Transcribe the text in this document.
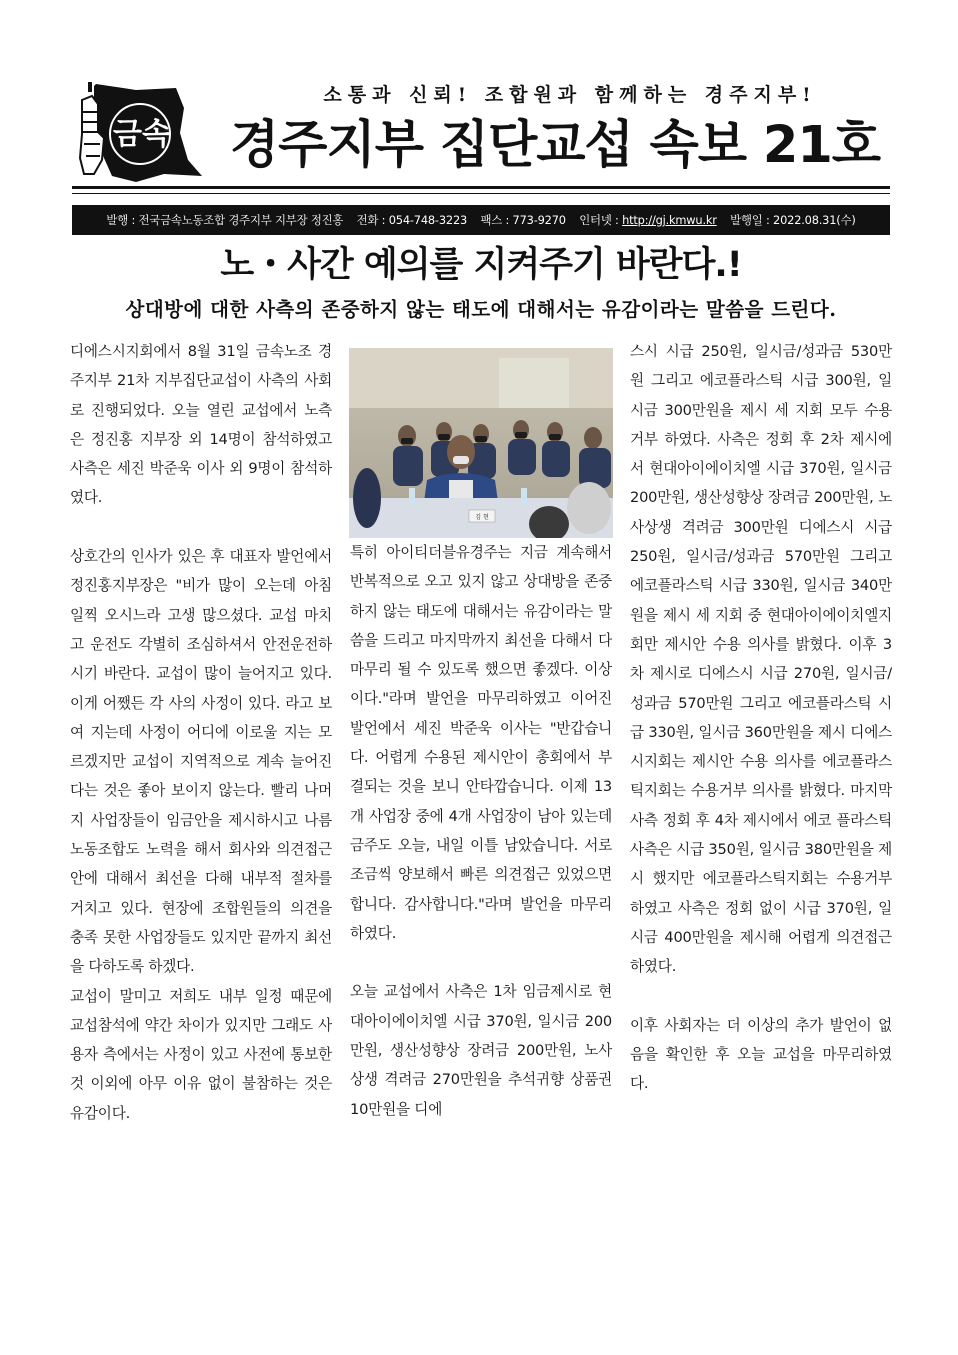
금속
소통과 신뢰! 조합원과 함께하는 경주지부!
경주지부 집단교섭 속보 21호
발행 : 전국금속노동조합 경주지부 지부장 정진홍 전화 : 054-748-3223 팩스 : 773-9270 인터넷 : http://gj.kmwu.kr 발행일 : 2022.08.31(수)
노・사간 예의를 지켜주기 바란다.!
상대방에 대한 사측의 존중하지 않는 태도에 대해서는 유감이라는 말씀을 드린다.

디에스시지회에서 8월 31일 금속노조 경주지부 21차 지부집단교섭이 사측의 사회로 진행되었다. 오늘 열린 교섭에서 노측은 정진홍 지부장 외 14명이 참석하였고 사측은 세진 박준욱 이사 외 9명이 참석하였다.

상호간의 인사가 있은 후 대표자 발언에서 정진홍지부장은 "비가 많이 오는데 아침 일찍 오시느라 고생 많으셨다. 교섭 마치고 운전도 각별히 조심하셔서 안전운전하시기 바란다. 교섭이 많이 늘어지고 있다. 이게 어쨌든 각 사의 사정이 있다. 라고 보여 지는데 사정이 어디에 이로울 지는 모르겠지만 교섭이 지역적으로 계속 늘어진다는 것은 좋아 보이지 않는다. 빨리 나머지 사업장들이 임금안을 제시하시고 나름 노동조합도 노력을 해서 회사와 의견접근 안에 대해서 최선을 다해 내부적 절차를 거치고 있다. 현장에 조합원들의 의견을 충족 못한 사업장들도 있지만 끝까지 최선을 다하도록 하겠다.

교섭이 말미고 저희도 내부 일정 때문에 교섭참석에 약간 차이가 있지만 그래도 사용자 측에서는 사정이 있고 사전에 통보한 것 이외에 아무 이유 없이 불참하는 것은 유감이다.

김 현

특히 아이티더블유경주는 지금 계속해서 반복적으로 오고 있지 않고 상대방을 존중하지 않는 태도에 대해서는 유감이라는 말씀을 드리고 마지막까지 최선을 다해서 다 마무리 될 수 있도록 했으면 좋겠다. 이상이다."라며 발언을 마무리하였고 이어진 발언에서 세진 박준욱 이사는 "반갑습니다. 어렵게 수용된 제시안이 총회에서 부결되는 것을 보니 안타깝습니다. 이제 13개 사업장 중에 4개 사업장이 남아 있는데 금주도 오늘, 내일 이틀 남았습니다. 서로 조금씩 양보해서 빠른 의견접근 있었으면 합니다. 감사합니다."라며 발언을 마무리하였다.

오늘 교섭에서 사측은 1차 임금제시로 현대아이에이치엘 시급 370원, 일시금 200만원, 생산성향상 장려금 200만원, 노사상생 격려금 270만원을 추석귀향 상품권 10만원을 디에

스시 시급 250원, 일시금/성과금 530만원 그리고 에코플라스틱 시급 300원, 일시금 300만원을 제시 세 지회 모두 수용거부 하였다. 사측은 정회 후 2차 제시에서 현대아이에이치엘 시급 370원, 일시금 200만원, 생산성향상 장려금 200만원, 노사상생 격려금 300만원 디에스시 시급 250원, 일시금/성과금 570만원 그리고 에코플라스틱 시급 330원, 일시금 340만원을 제시 세 지회 중 현대아이에이치엘지회만 제시안 수용 의사를 밝혔다. 이후 3차 제시로 디에스시 시급 270원, 일시금/성과금 570만원 그리고 에코플라스틱 시급 330원, 일시금 360만원을 제시 디에스시지회는 제시안 수용 의사를 에코플라스틱지회는 수용거부 의사를 밝혔다. 마지막 사측 정회 후 4차 제시에서 에코 플라스틱 사측은 시급 350원, 일시금 380만원을 제시 했지만 에코플라스틱지회는 수용거부 하였고 사측은 정회 없이 시급 370원, 일시금 400만원을 제시해 어렵게 의견접근 하였다.

이후 사회자는 더 이상의 추가 발언이 없음을 확인한 후 오늘 교섭을 마무리하였다.
